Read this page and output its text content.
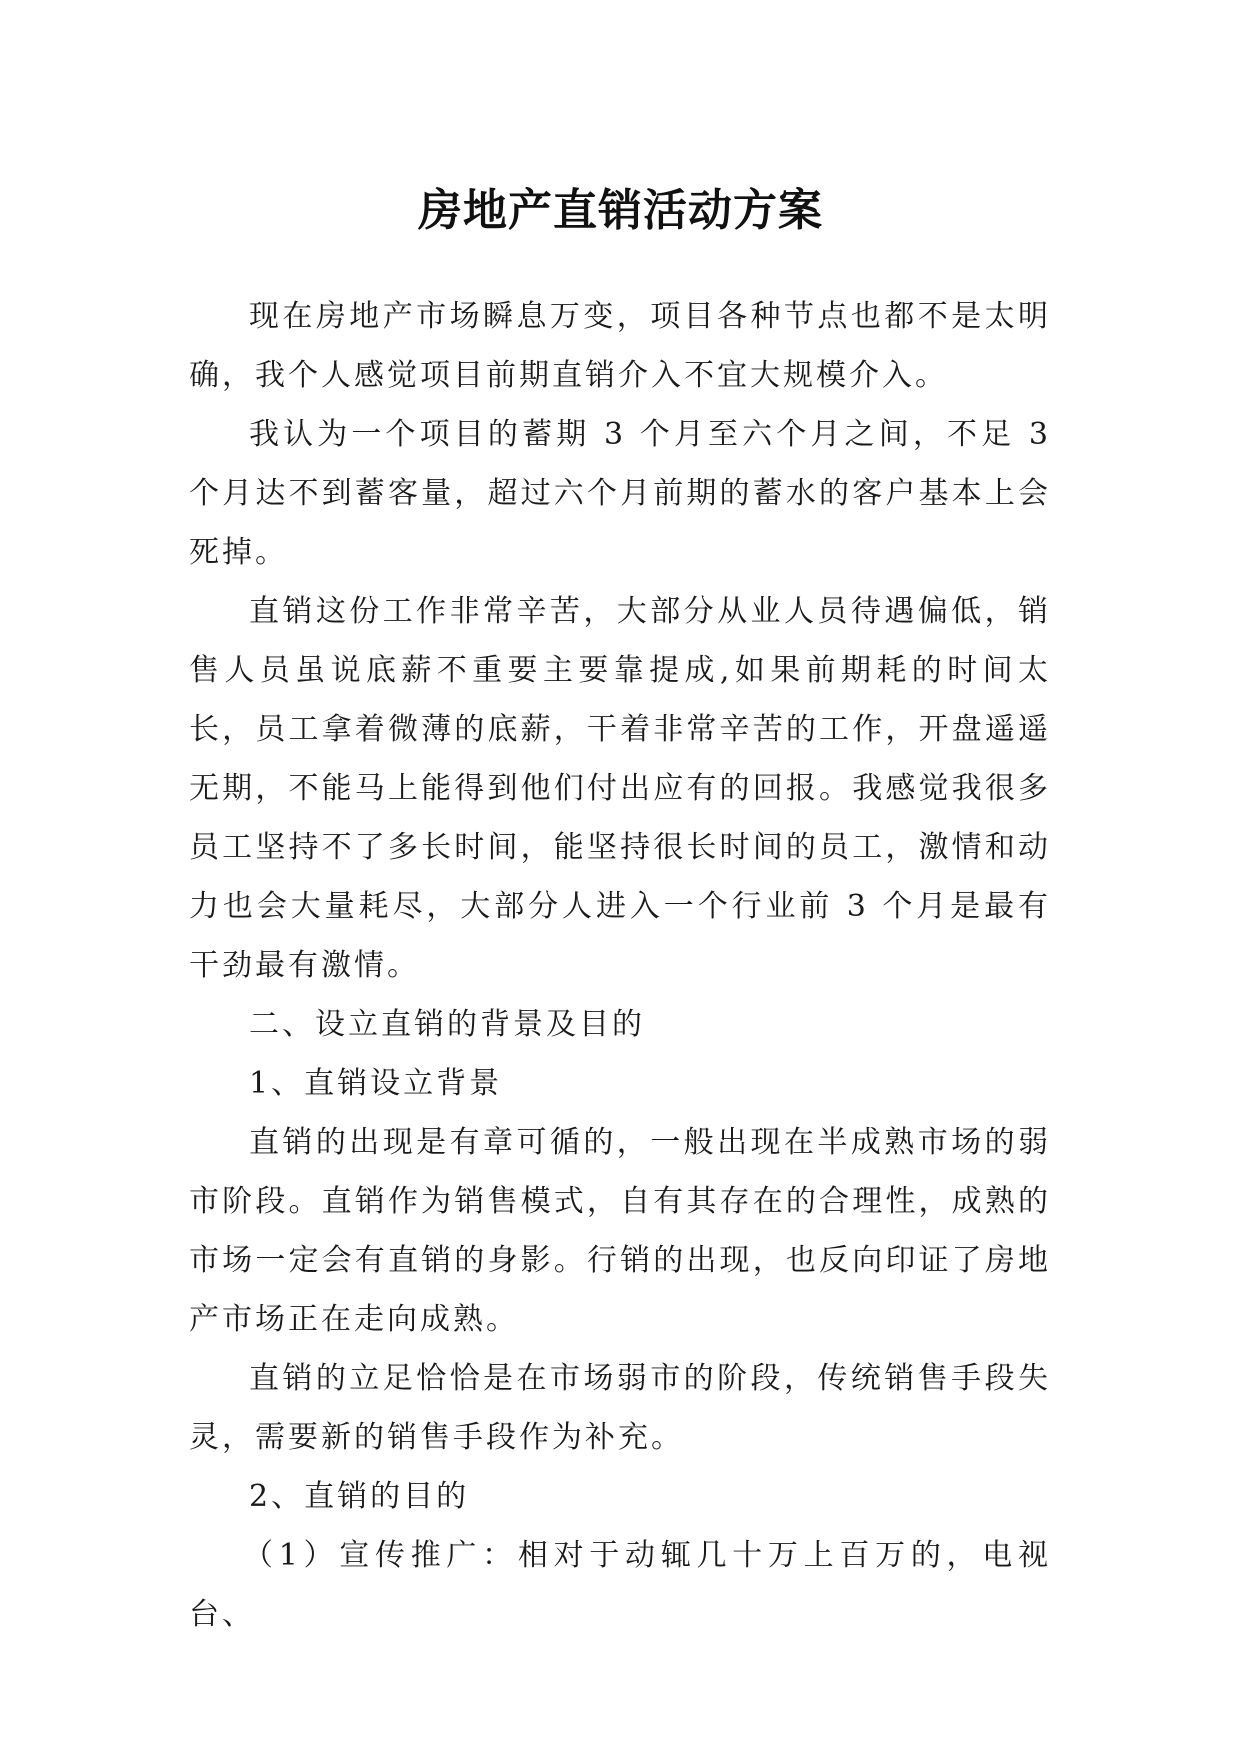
房地产直销活动方案

现在房地产市场瞬息万变，项目各种节点也都不是太明确，我个人感觉项目前期直销介入不宜大规模介入。

我认为一个项目的蓄期 3 个月至六个月之间，不足 3 个月达不到蓄客量，超过六个月前期的蓄水的客户基本上会死掉。

直销这份工作非常辛苦，大部分从业人员待遇偏低，销售人员虽说底薪不重要主要靠提成,如果前期耗的时间太长，员工拿着微薄的底薪，干着非常辛苦的工作，开盘遥遥无期，不能马上能得到他们付出应有的回报。我感觉我很多员工坚持不了多长时间，能坚持很长时间的员工，激情和动力也会大量耗尽，大部分人进入一个行业前 3 个月是最有干劲最有激情。

二、设立直销的背景及目的

1、直销设立背景

直销的出现是有章可循的，一般出现在半成熟市场的弱市阶段。直销作为销售模式，自有其存在的合理性，成熟的市场一定会有直销的身影。行销的出现，也反向印证了房地产市场正在走向成熟。

直销的立足恰恰是在市场弱市的阶段，传统销售手段失灵，需要新的销售手段作为补充。

2、直销的目的

（1）宣传推广：相对于动辄几十万上百万的，电视台、
